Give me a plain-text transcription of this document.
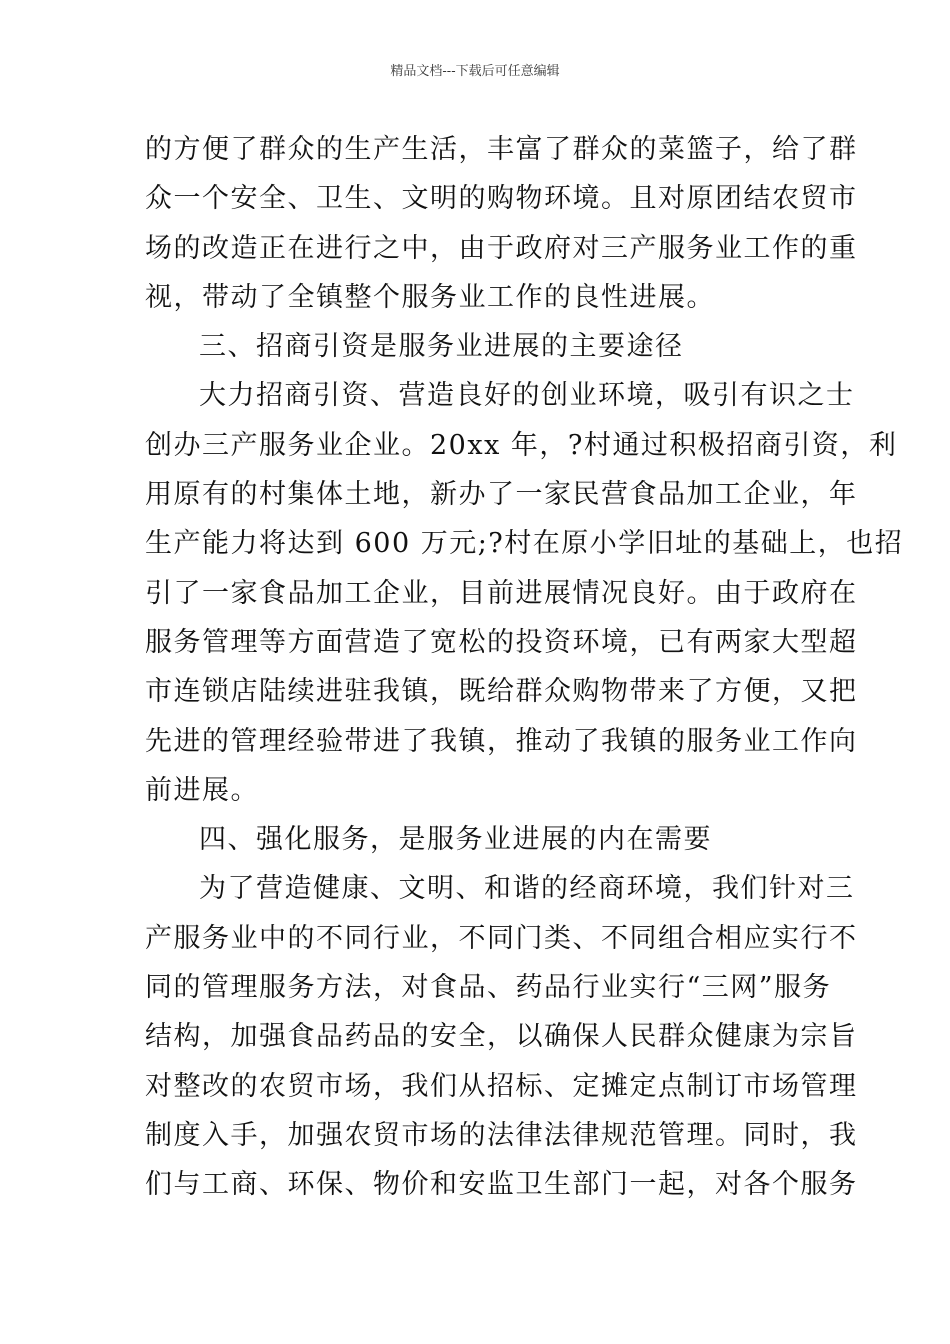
精品文档---下载后可任意编辑
的方便了群众的生产生活，丰富了群众的菜篮子，给了群
众一个安全、卫生、文明的购物环境。且对原团结农贸市
场的改造正在进行之中，由于政府对三产服务业工作的重
视，带动了全镇整个服务业工作的良性进展。
三、招商引资是服务业进展的主要途径
大力招商引资、营造良好的创业环境，吸引有识之士
创办三产服务业企业。20xx 年，?村通过积极招商引资，利
用原有的村集体土地，新办了一家民营食品加工企业，年
生产能力将达到 600 万元;?村在原小学旧址的基础上，也招
引了一家食品加工企业，目前进展情况良好。由于政府在
服务管理等方面营造了宽松的投资环境，已有两家大型超
市连锁店陆续进驻我镇，既给群众购物带来了方便，又把
先进的管理经验带进了我镇，推动了我镇的服务业工作向
前进展。
四、强化服务，是服务业进展的内在需要
为了营造健康、文明、和谐的经商环境，我们针对三
产服务业中的不同行业，不同门类、不同组合相应实行不
同的管理服务方法，对食品、药品行业实行“三网”服务
结构，加强食品药品的安全，以确保人民群众健康为宗旨
对整改的农贸市场，我们从招标、定摊定点制订市场管理
制度入手，加强农贸市场的法律法律规范管理。同时，我
们与工商、环保、物价和安监卫生部门一起，对各个服务
